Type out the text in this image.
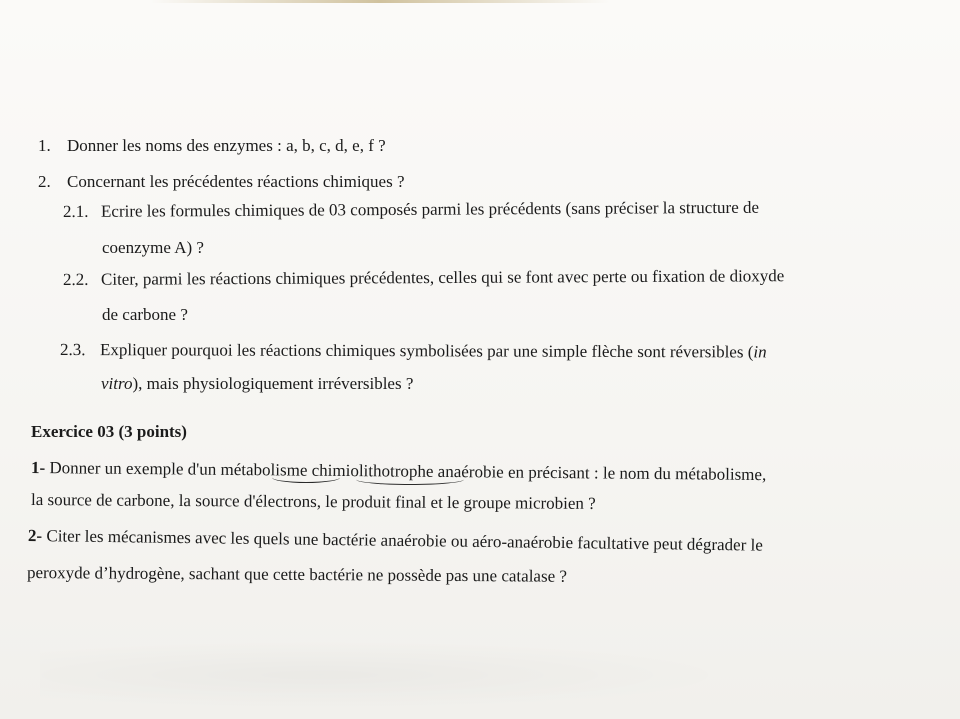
1. Donner les noms des enzymes : a, b, c, d, e, f ?
2. Concernant les précédentes réactions chimiques ?
2.1. Ecrire les formules chimiques de 03 composés parmi les précédents (sans préciser la structure de
coenzyme A) ?
2.2. Citer, parmi les réactions chimiques précédentes, celles qui se font avec perte ou fixation de dioxyde
de carbone ?
2.3. Expliquer pourquoi les réactions chimiques symbolisées par une simple flèche sont réversibles (in
vitro), mais physiologiquement irréversibles ?
Exercice 03 (3 points)
1- Donner un exemple d'un métabolisme chimiolithotrophe anaérobie en précisant : le nom du métabolisme,
la source de carbone, la source d'électrons, le produit final et le groupe microbien ?
2- Citer les mécanismes avec les quels une bactérie anaérobie ou aéro-anaérobie facultative peut dégrader le
peroxyde d’hydrogène, sachant que cette bactérie ne possède pas une catalase ?
